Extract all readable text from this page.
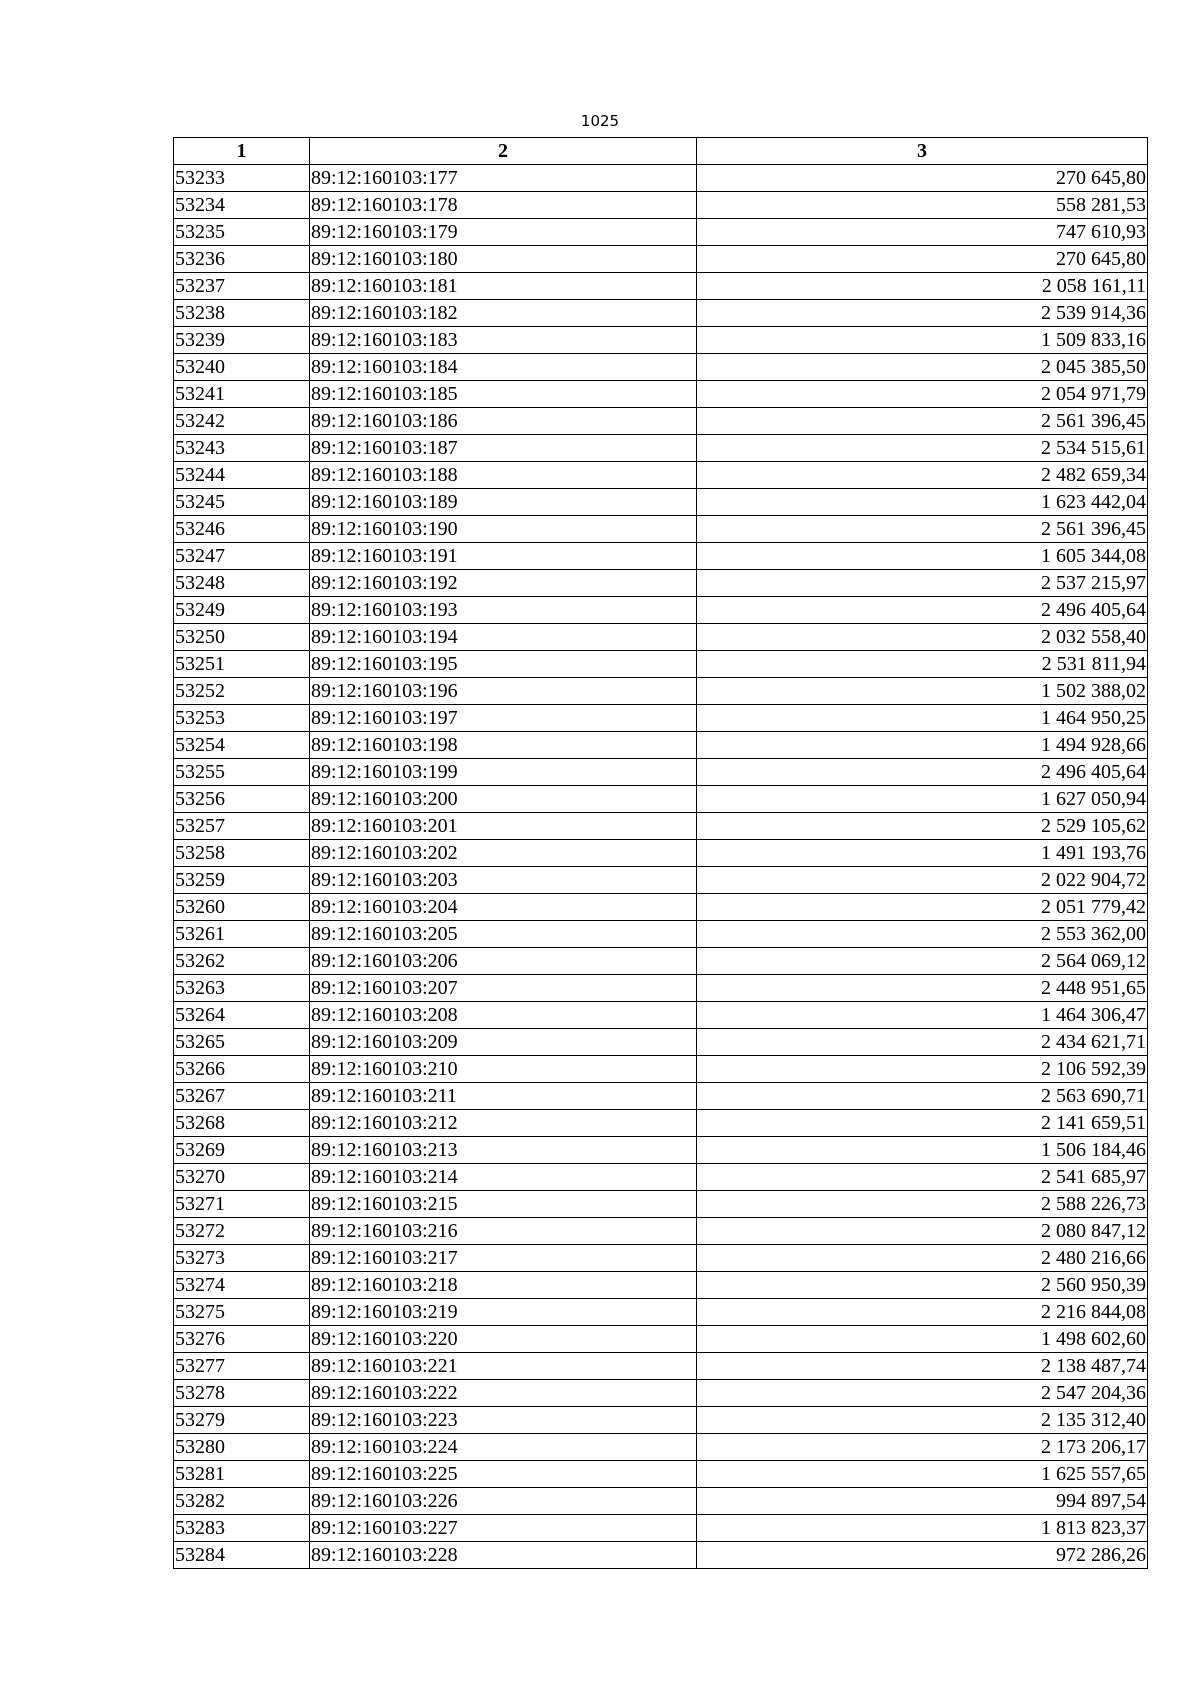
1025
1	2	3
53233	89:12:160103:177	270 645,80
53234	89:12:160103:178	558 281,53
53235	89:12:160103:179	747 610,93
53236	89:12:160103:180	270 645,80
53237	89:12:160103:181	2 058 161,11
53238	89:12:160103:182	2 539 914,36
53239	89:12:160103:183	1 509 833,16
53240	89:12:160103:184	2 045 385,50
53241	89:12:160103:185	2 054 971,79
53242	89:12:160103:186	2 561 396,45
53243	89:12:160103:187	2 534 515,61
53244	89:12:160103:188	2 482 659,34
53245	89:12:160103:189	1 623 442,04
53246	89:12:160103:190	2 561 396,45
53247	89:12:160103:191	1 605 344,08
53248	89:12:160103:192	2 537 215,97
53249	89:12:160103:193	2 496 405,64
53250	89:12:160103:194	2 032 558,40
53251	89:12:160103:195	2 531 811,94
53252	89:12:160103:196	1 502 388,02
53253	89:12:160103:197	1 464 950,25
53254	89:12:160103:198	1 494 928,66
53255	89:12:160103:199	2 496 405,64
53256	89:12:160103:200	1 627 050,94
53257	89:12:160103:201	2 529 105,62
53258	89:12:160103:202	1 491 193,76
53259	89:12:160103:203	2 022 904,72
53260	89:12:160103:204	2 051 779,42
53261	89:12:160103:205	2 553 362,00
53262	89:12:160103:206	2 564 069,12
53263	89:12:160103:207	2 448 951,65
53264	89:12:160103:208	1 464 306,47
53265	89:12:160103:209	2 434 621,71
53266	89:12:160103:210	2 106 592,39
53267	89:12:160103:211	2 563 690,71
53268	89:12:160103:212	2 141 659,51
53269	89:12:160103:213	1 506 184,46
53270	89:12:160103:214	2 541 685,97
53271	89:12:160103:215	2 588 226,73
53272	89:12:160103:216	2 080 847,12
53273	89:12:160103:217	2 480 216,66
53274	89:12:160103:218	2 560 950,39
53275	89:12:160103:219	2 216 844,08
53276	89:12:160103:220	1 498 602,60
53277	89:12:160103:221	2 138 487,74
53278	89:12:160103:222	2 547 204,36
53279	89:12:160103:223	2 135 312,40
53280	89:12:160103:224	2 173 206,17
53281	89:12:160103:225	1 625 557,65
53282	89:12:160103:226	994 897,54
53283	89:12:160103:227	1 813 823,37
53284	89:12:160103:228	972 286,26
